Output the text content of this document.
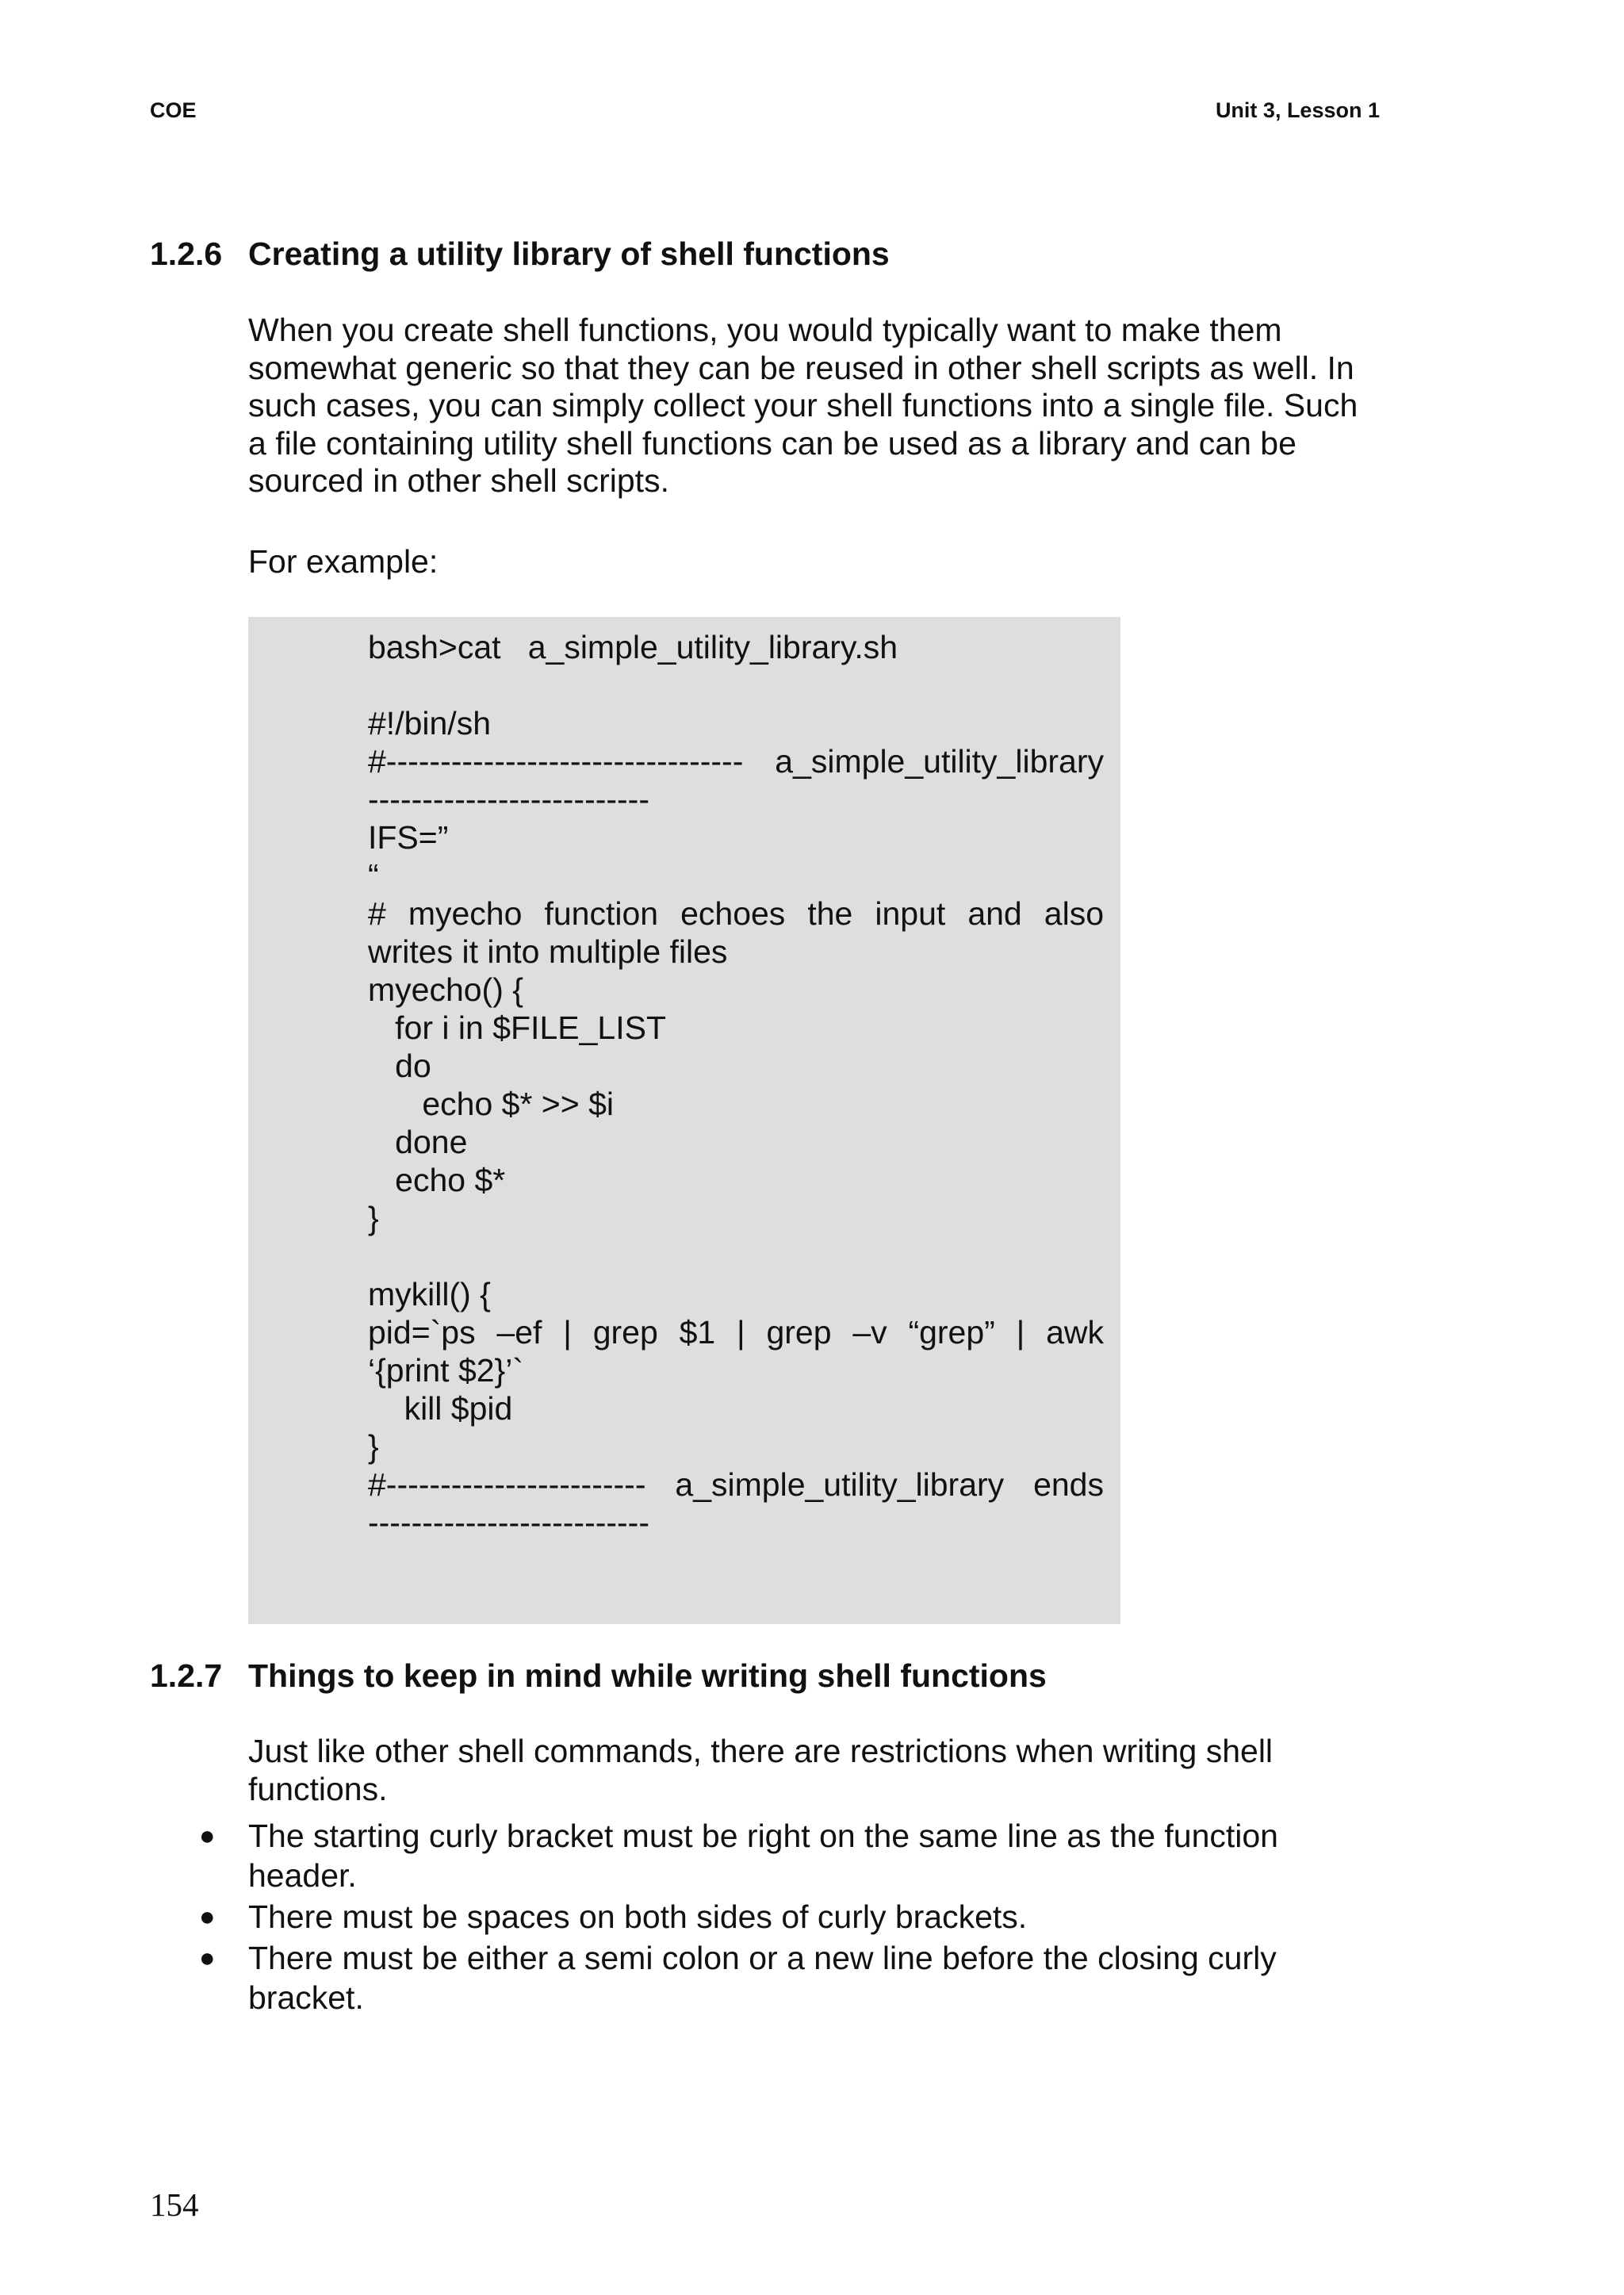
COE	Unit 3, Lesson 1
1.2.6 Creating a utility library of shell functions
When you create shell functions, you would typically want to make them
somewhat generic so that they can be reused in other shell scripts as well. In
such cases, you can simply collect your shell functions into a single file. Such
a file containing utility shell functions can be used as a library and can be
sourced in other shell scripts.
For example:
bash>cat   a_simple_utility_library.sh
#!/bin/sh
#--------------------------------- a_simple_utility_library
--------------------------
IFS=”
“
# myecho function echoes the input and also
writes it into multiple files
myecho() {
for i in $FILE_LIST
do
echo $* >> $i
done
echo $*
}
mykill() {
pid=`ps –ef | grep $1 | grep –v “grep” | awk
‘{print $2}’`
kill $pid
}
#------------------------ a_simple_utility_library ends
--------------------------
1.2.7 Things to keep in mind while writing shell functions
Just like other shell commands, there are restrictions when writing shell
functions.
● The starting curly bracket must be right on the same line as the function header.
● There must be spaces on both sides of curly brackets.
● There must be either a semi colon or a new line before the closing curly bracket.
154
